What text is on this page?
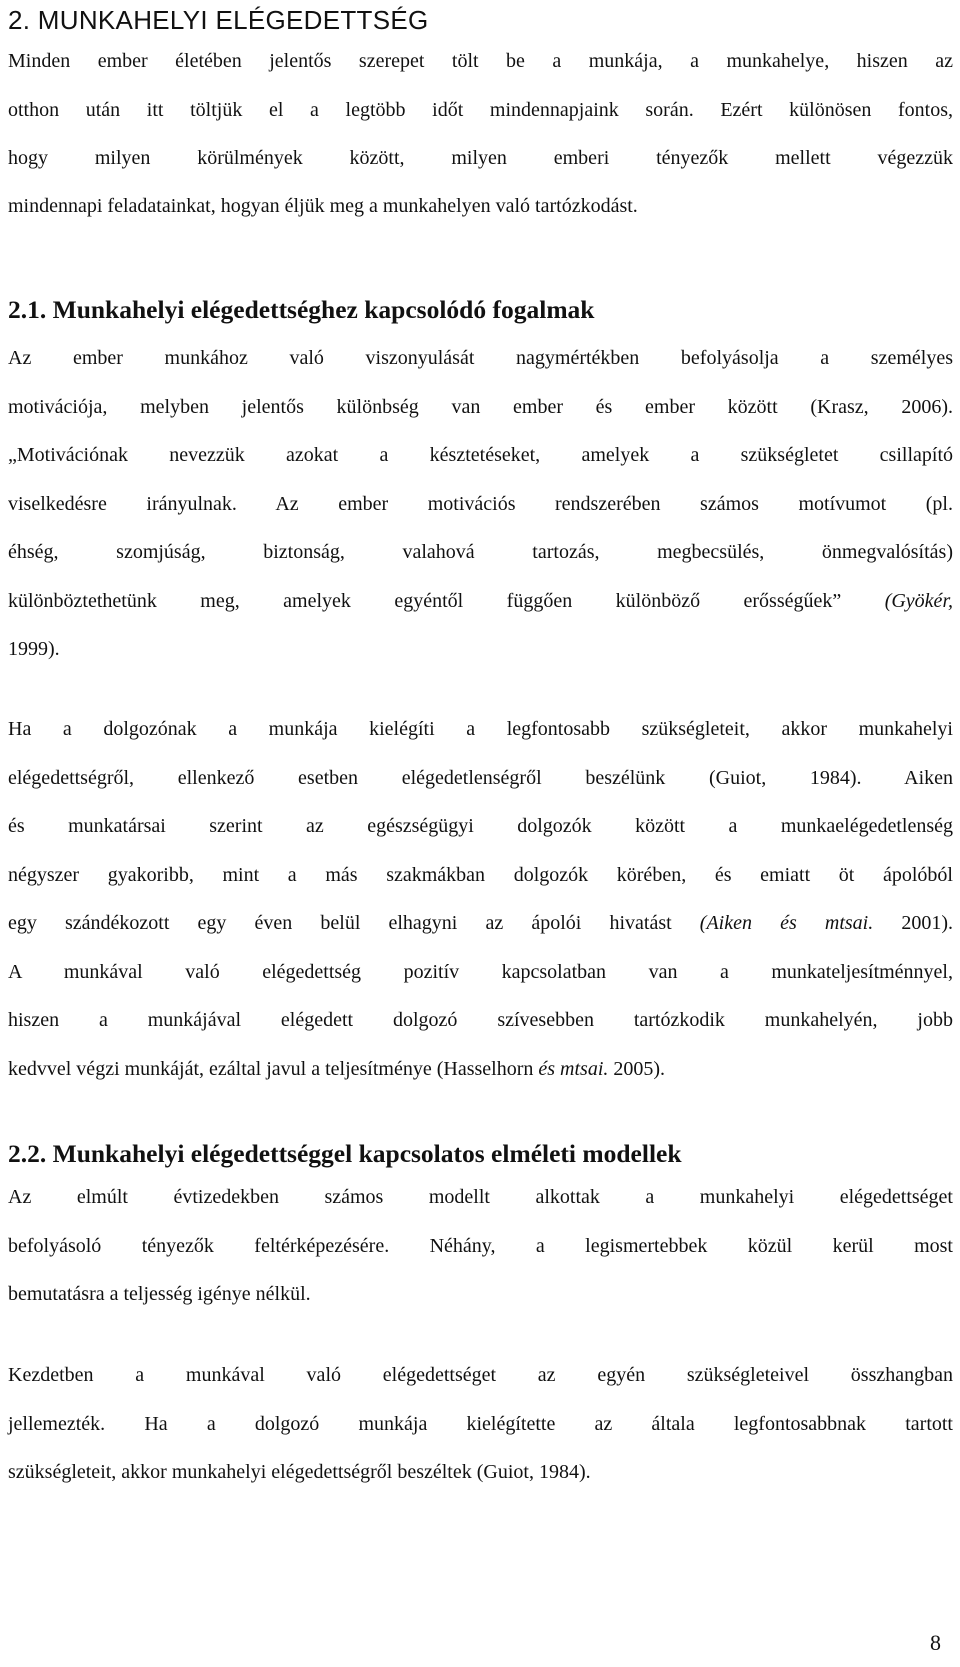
2. MUNKAHELYI ELÉGEDETTSÉG

Minden ember életében jelentős szerepet tölt be a munkája, a munkahelye, hiszen az
otthon után itt töltjük el a legtöbb időt mindennapjaink során. Ezért különösen fontos,
hogy milyen körülmények között, milyen emberi tényezők mellett végezzük

mindennapi feladatainkat, hogyan éljük meg a munkahelyen való tartózkodást.

2.1. Munkahelyi elégedettséghez kapcsolódó fogalmak

Az ember munkához való viszonyulását nagymértékben befolyásolja a személyes
motivációja, melyben jelentős különbség van ember és ember között (Krasz, 2006).
„Motivációnak nevezzük azokat a késztetéseket, amelyek a szükségletet csillapító
viselkedésre irányulnak. Az ember motivációs rendszerében számos motívumot (pl.
éhség, szomjúság, biztonság, valahová tartozás, megbecsülés, önmegvalósítás)
különböztethetünk meg, amelyek egyéntől függően különböző erősségűek” (Gyökér,

1999).

Ha a dolgozónak a munkája kielégíti a legfontosabb szükségleteit, akkor munkahelyi
elégedettségről, ellenkező esetben elégedetlenségről beszélünk (Guiot, 1984). Aiken
és munkatársai szerint az egészségügyi dolgozók között a munkaelégedetlenség
négyszer gyakoribb, mint a más szakmákban dolgozók körében, és emiatt öt ápolóból
egy szándékozott egy éven belül elhagyni az ápolói hivatást (Aiken és mtsai. 2001).
A munkával való elégedettség pozitív kapcsolatban van a munkateljesítménnyel,
hiszen a munkájával elégedett dolgozó szívesebben tartózkodik munkahelyén, jobb

kedvvel végzi munkáját, ezáltal javul a teljesítménye (Hasselhorn és mtsai. 2005).

2.2. Munkahelyi elégedettséggel kapcsolatos elméleti modellek

Az elmúlt évtizedekben számos modellt alkottak a munkahelyi elégedettséget
befolyásoló tényezők feltérképezésére. Néhány, a legismertebbek közül kerül most

bemutatásra a teljesség igénye nélkül.

Kezdetben a munkával való elégedettséget az egyén szükségleteivel összhangban
jellemezték. Ha a dolgozó munkája kielégítette az általa legfontosabbnak tartott

szükségleteit, akkor munkahelyi elégedettségről beszéltek (Guiot, 1984).

8
